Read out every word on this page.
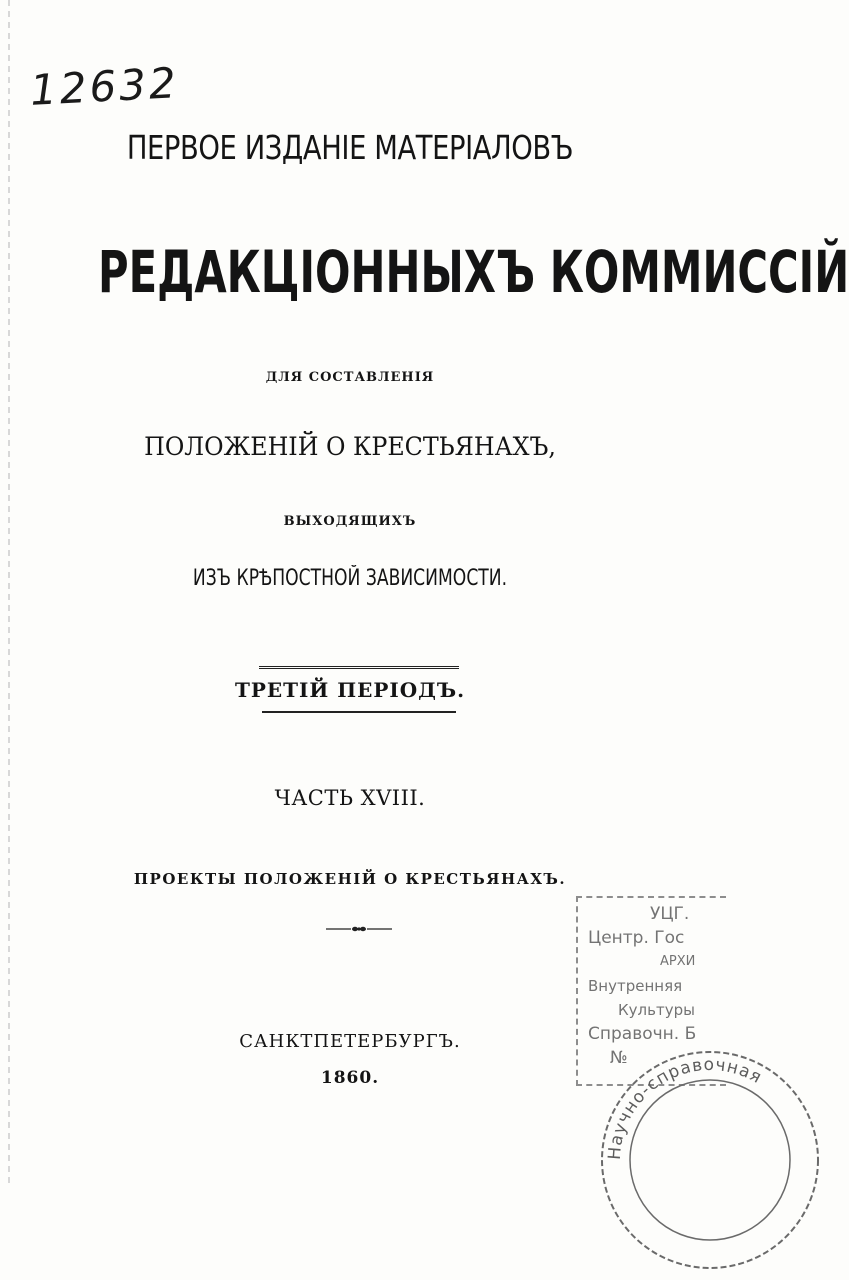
12632
ПЕРВОЕ ИЗДАНІЕ МАТЕРІАЛОВЪ
РЕДАКЦІОННЫХЪ КОММИССІЙ
ДЛЯ СОСТАВЛЕНІЯ
ПОЛОЖЕНІЙ О КРЕСТЬЯНАХЪ,
ВЫХОДЯЩИХЪ
ИЗЪ КРѢПОСТНОЙ ЗАВИСИМОСТИ.
ТРЕТІЙ ПЕРІОДЪ.
ЧАСТЬ XVIII.
ПРОЕКТЫ ПОЛОЖЕНІЙ О КРЕСТЬЯНАХЪ.
САНКТПЕТЕРБУРГЪ.
1860.
УЦГ.
Центр. Гос
АРХИ
Внутренняя
Культуры
Справочн. Б
№
Научно-справочная
